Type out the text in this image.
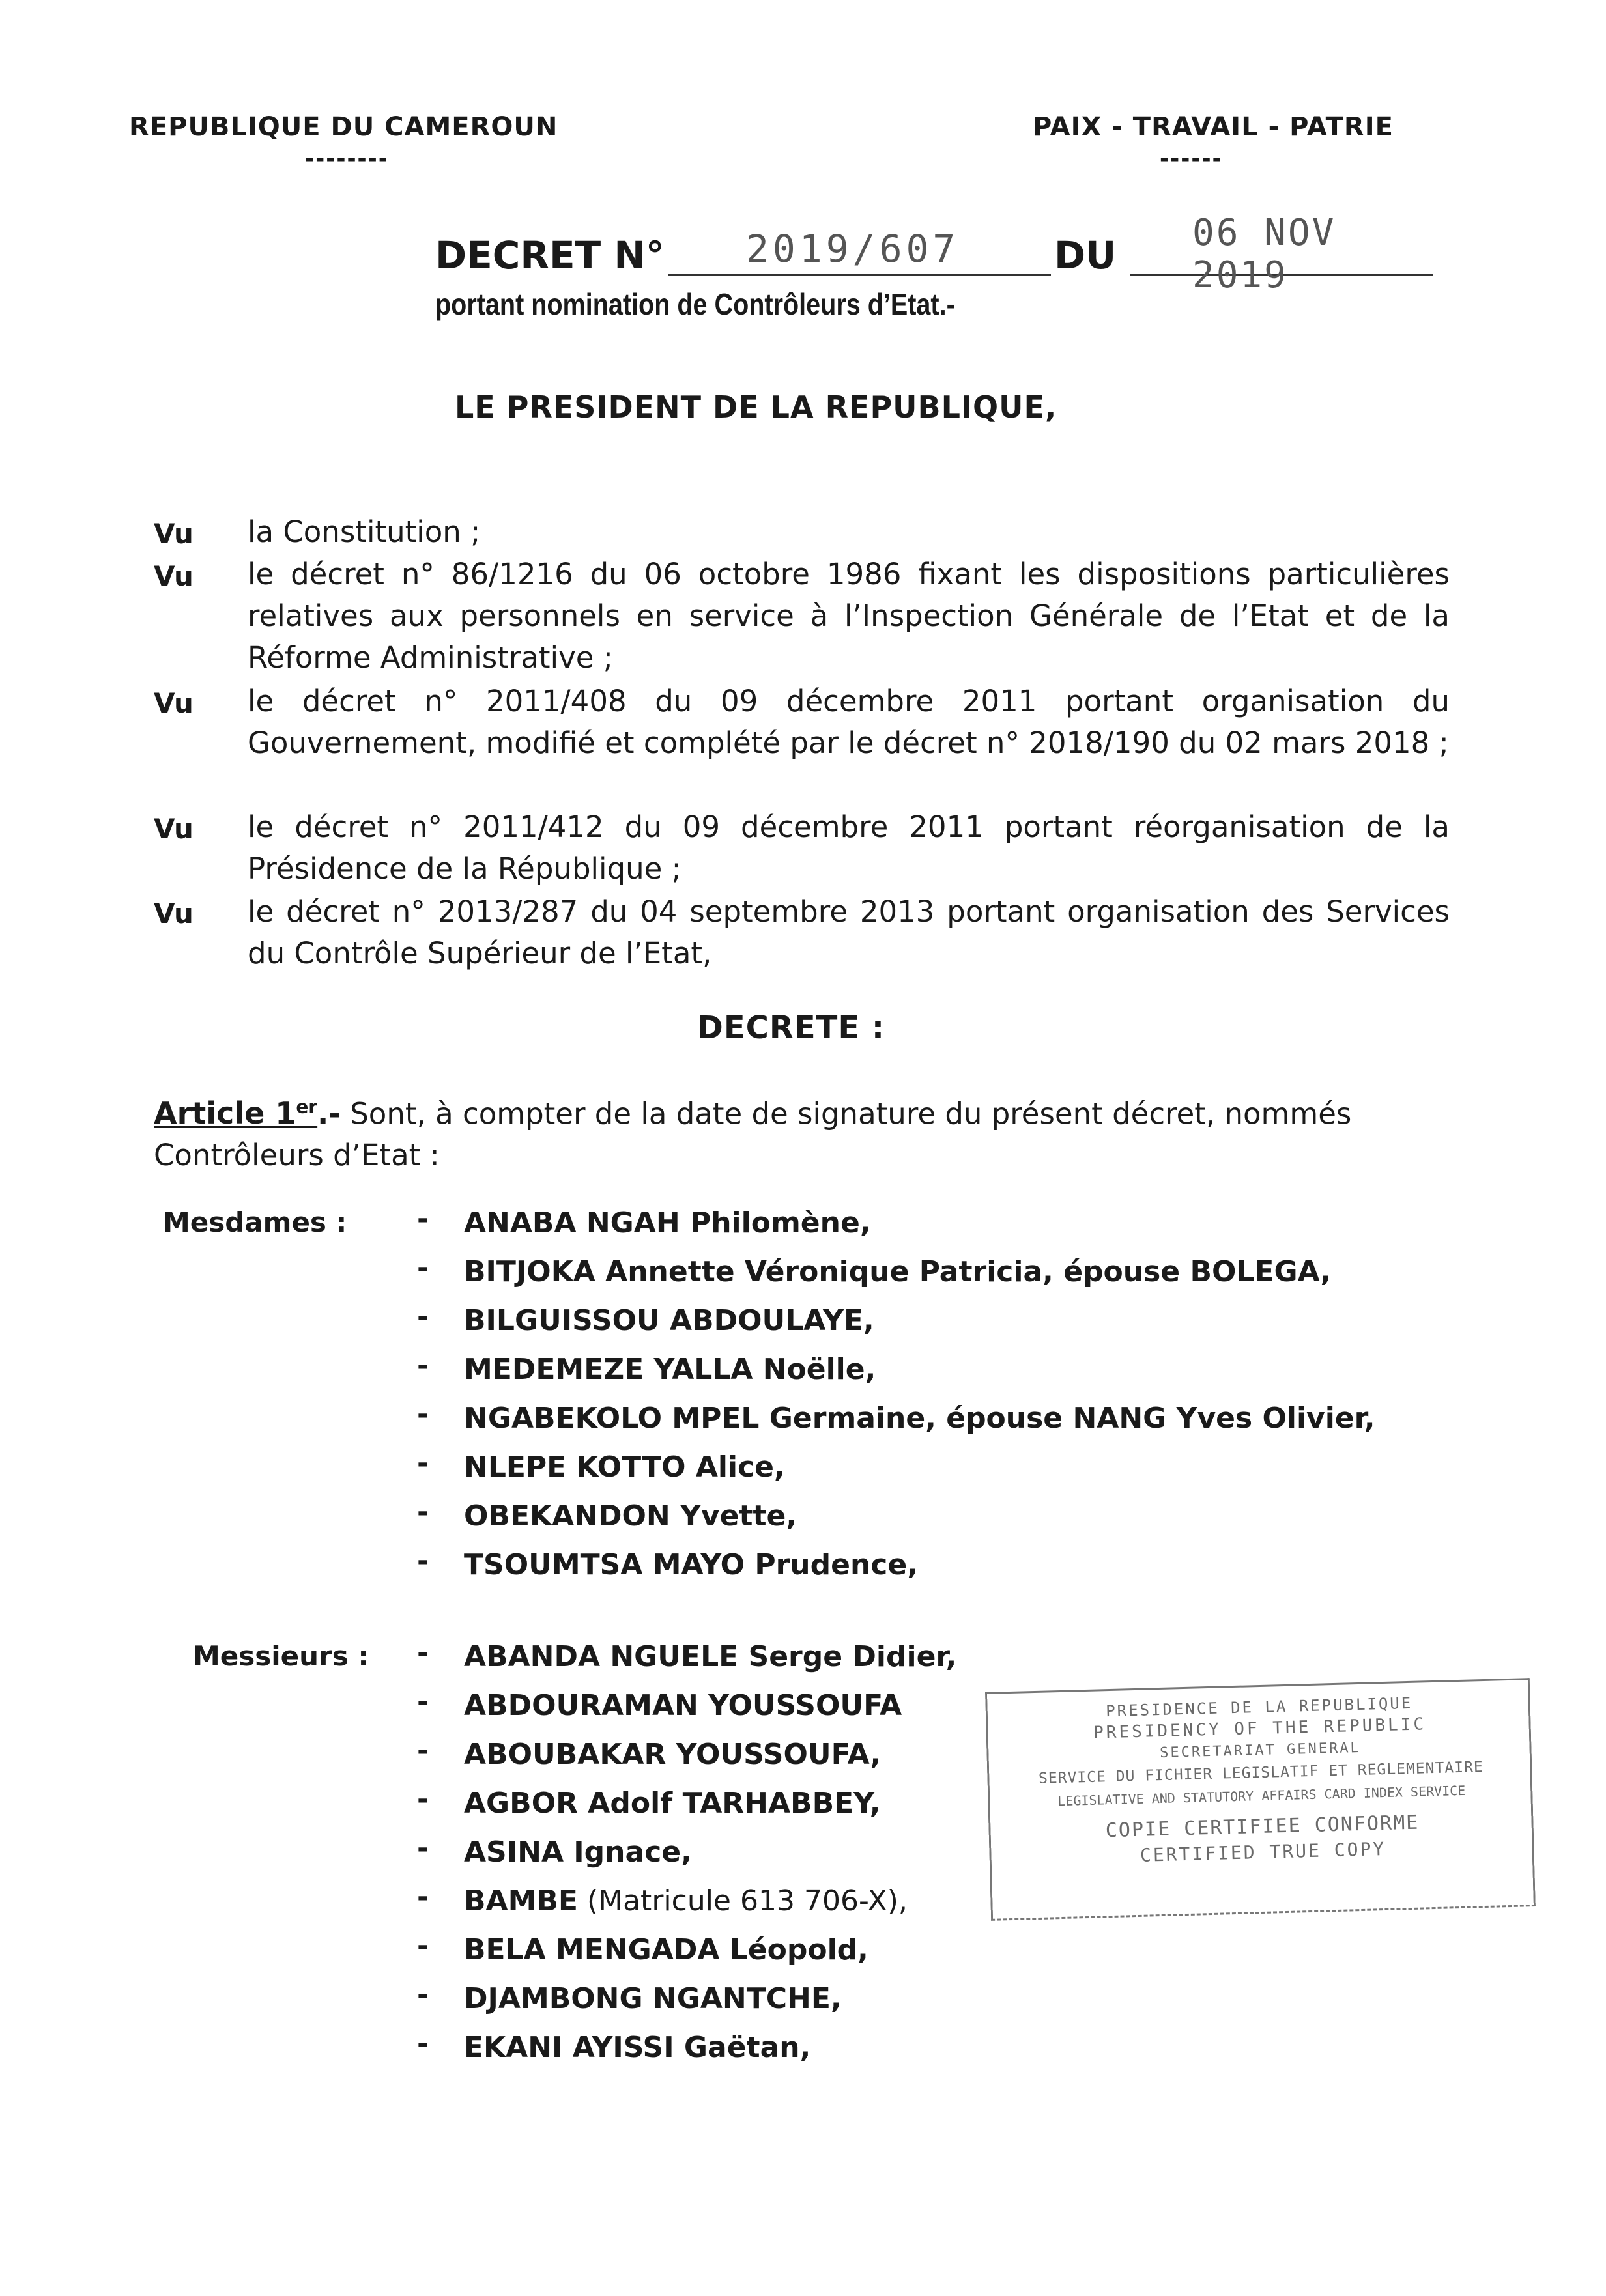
REPUBLIQUE DU CAMEROUN
--------
PAIX - TRAVAIL - PATRIE
------
DECRET N° 2019/607	DU
06 NOV 2019
portant nomination de Contrôleurs d’Etat.-
LE PRESIDENT DE LA REPUBLIQUE,
Vu la Constitution ;
Vu le décret n° 86/1216 du 06 octobre 1986 fixant les dispositions particulières relatives aux personnels en service à l’Inspection Générale de l’Etat et de la Réforme Administrative ;
Vu le décret n° 2011/408 du 09 décembre 2011 portant organisation du Gouvernement, modifié et complété par le décret n° 2018/190 du 02 mars 2018 ;
Vu le décret n° 2011/412 du 09 décembre 2011 portant réorganisation de la Présidence de la République ;
Vu le décret n° 2013/287 du 04 septembre 2013 portant organisation des Services du Contrôle Supérieur de l’Etat,
DECRETE :
Article 1er.- Sont, à compter de la date de signature du présent décret, nommés Contrôleurs d’Etat :
Mesdames : - ANABA NGAH Philomène,
- BITJOKA Annette Véronique Patricia, épouse BOLEGA,
- BILGUISSOU ABDOULAYE,
- MEDEMEZE YALLA Noëlle,
- NGABEKOLO MPEL Germaine, épouse NANG Yves Olivier,
- NLEPE KOTTO Alice,
- OBEKANDON Yvette,
- TSOUMTSA MAYO Prudence,
Messieurs : - ABANDA NGUELE Serge Didier,
- ABDOURAMAN YOUSSOUFA
- ABOUBAKAR YOUSSOUFA,
- AGBOR Adolf TARHABBEY,
- ASINA Ignace,
- BAMBE (Matricule 613 706-X),
- BELA MENGADA Léopold,
- DJAMBONG NGANTCHE,
- EKANI AYISSI Gaëtan,
PRESIDENCE DE LA REPUBLIQUE
PRESIDENCY OF THE REPUBLIC
SECRETARIAT GENERAL
SERVICE DU FICHIER LEGISLATIF ET REGLEMENTAIRE
LEGISLATIVE AND STATUTORY AFFAIRS CARD INDEX SERVICE
COPIE CERTIFIEE CONFORME
CERTIFIED TRUE COPY
